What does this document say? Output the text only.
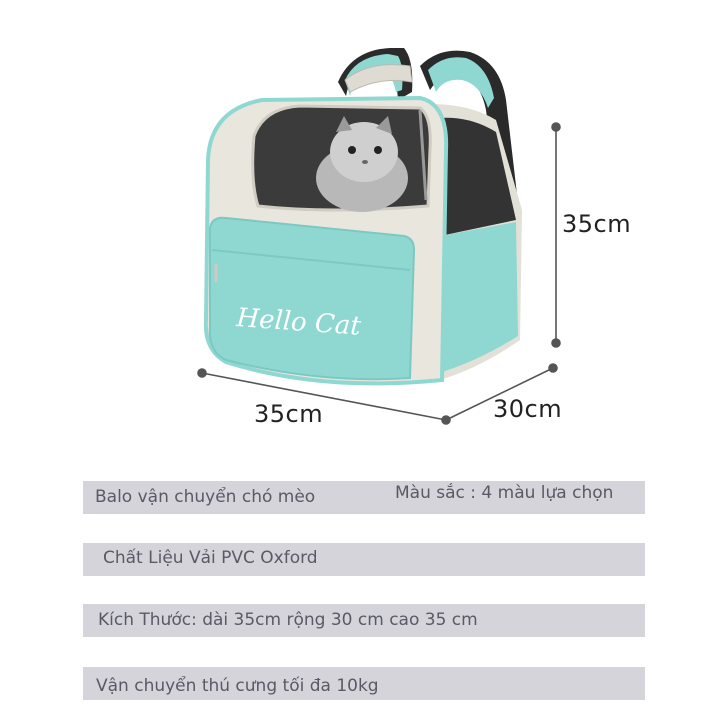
Hello Cat
35cm
35cm	30cm
Balo vận chuyển chó mèo	Màu sắc : 4 màu lựa chọn
Chất Liệu Vải PVC Oxford
Kích Thước: dài 35cm rộng 30 cm cao 35 cm
Vận chuyển thú cưng tối đa 10kg
